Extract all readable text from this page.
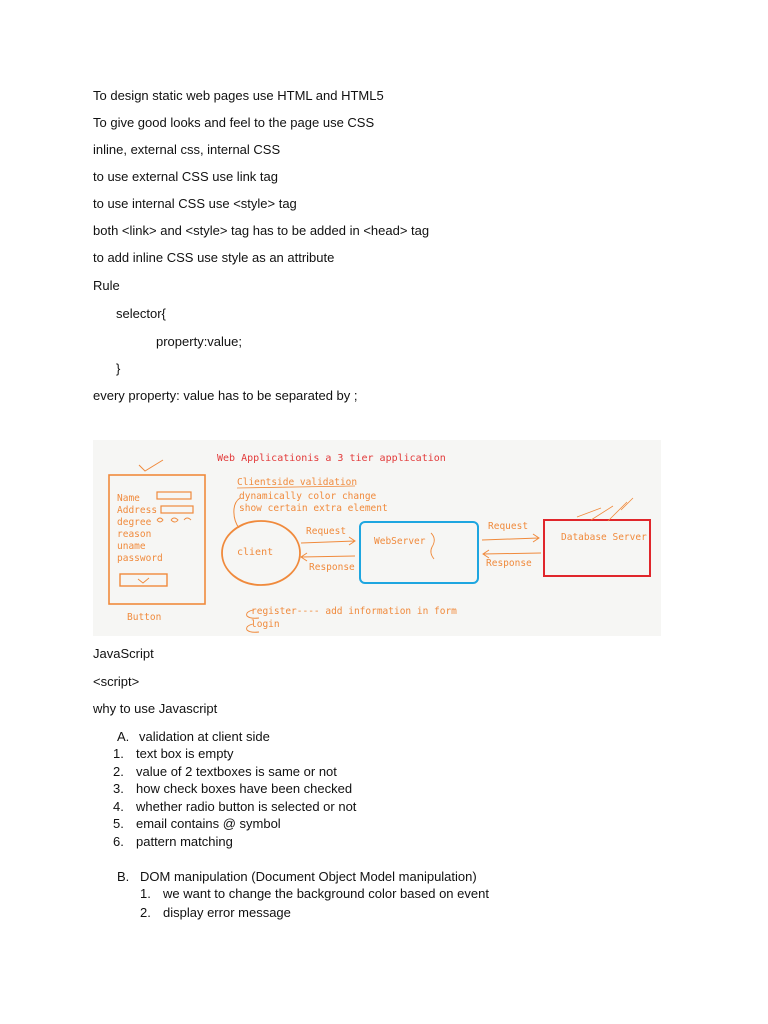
To design static web pages use HTML and HTML5
To give good looks and feel to the page use CSS
inline, external css, internal CSS
to use external CSS use link tag
to use internal CSS use <style> tag
both <link> and <style> tag has to be added in <head> tag
to add inline CSS use style as an attribute
Rule
selector{
property:value;
}
every property: value has to be separated by ;
Web Applicationis a 3 tier application
Name
Address
degree
reason
uname
password
Button
Clientside validation
dynamically color change
show certain extra element
client
Request
Response
WebServer
Request
Response
Database Server
register---- add information in form
login
JavaScript
<script>
why to use Javascript
A. validation at client side
1. text box is empty
2. value of 2 textboxes is same or not
3. how check boxes have been checked
4. whether radio button is selected or not
5. email contains @ symbol
6. pattern matching
B. DOM manipulation (Document Object Model manipulation)
1. we want to change the background color based on event
2. display error message
